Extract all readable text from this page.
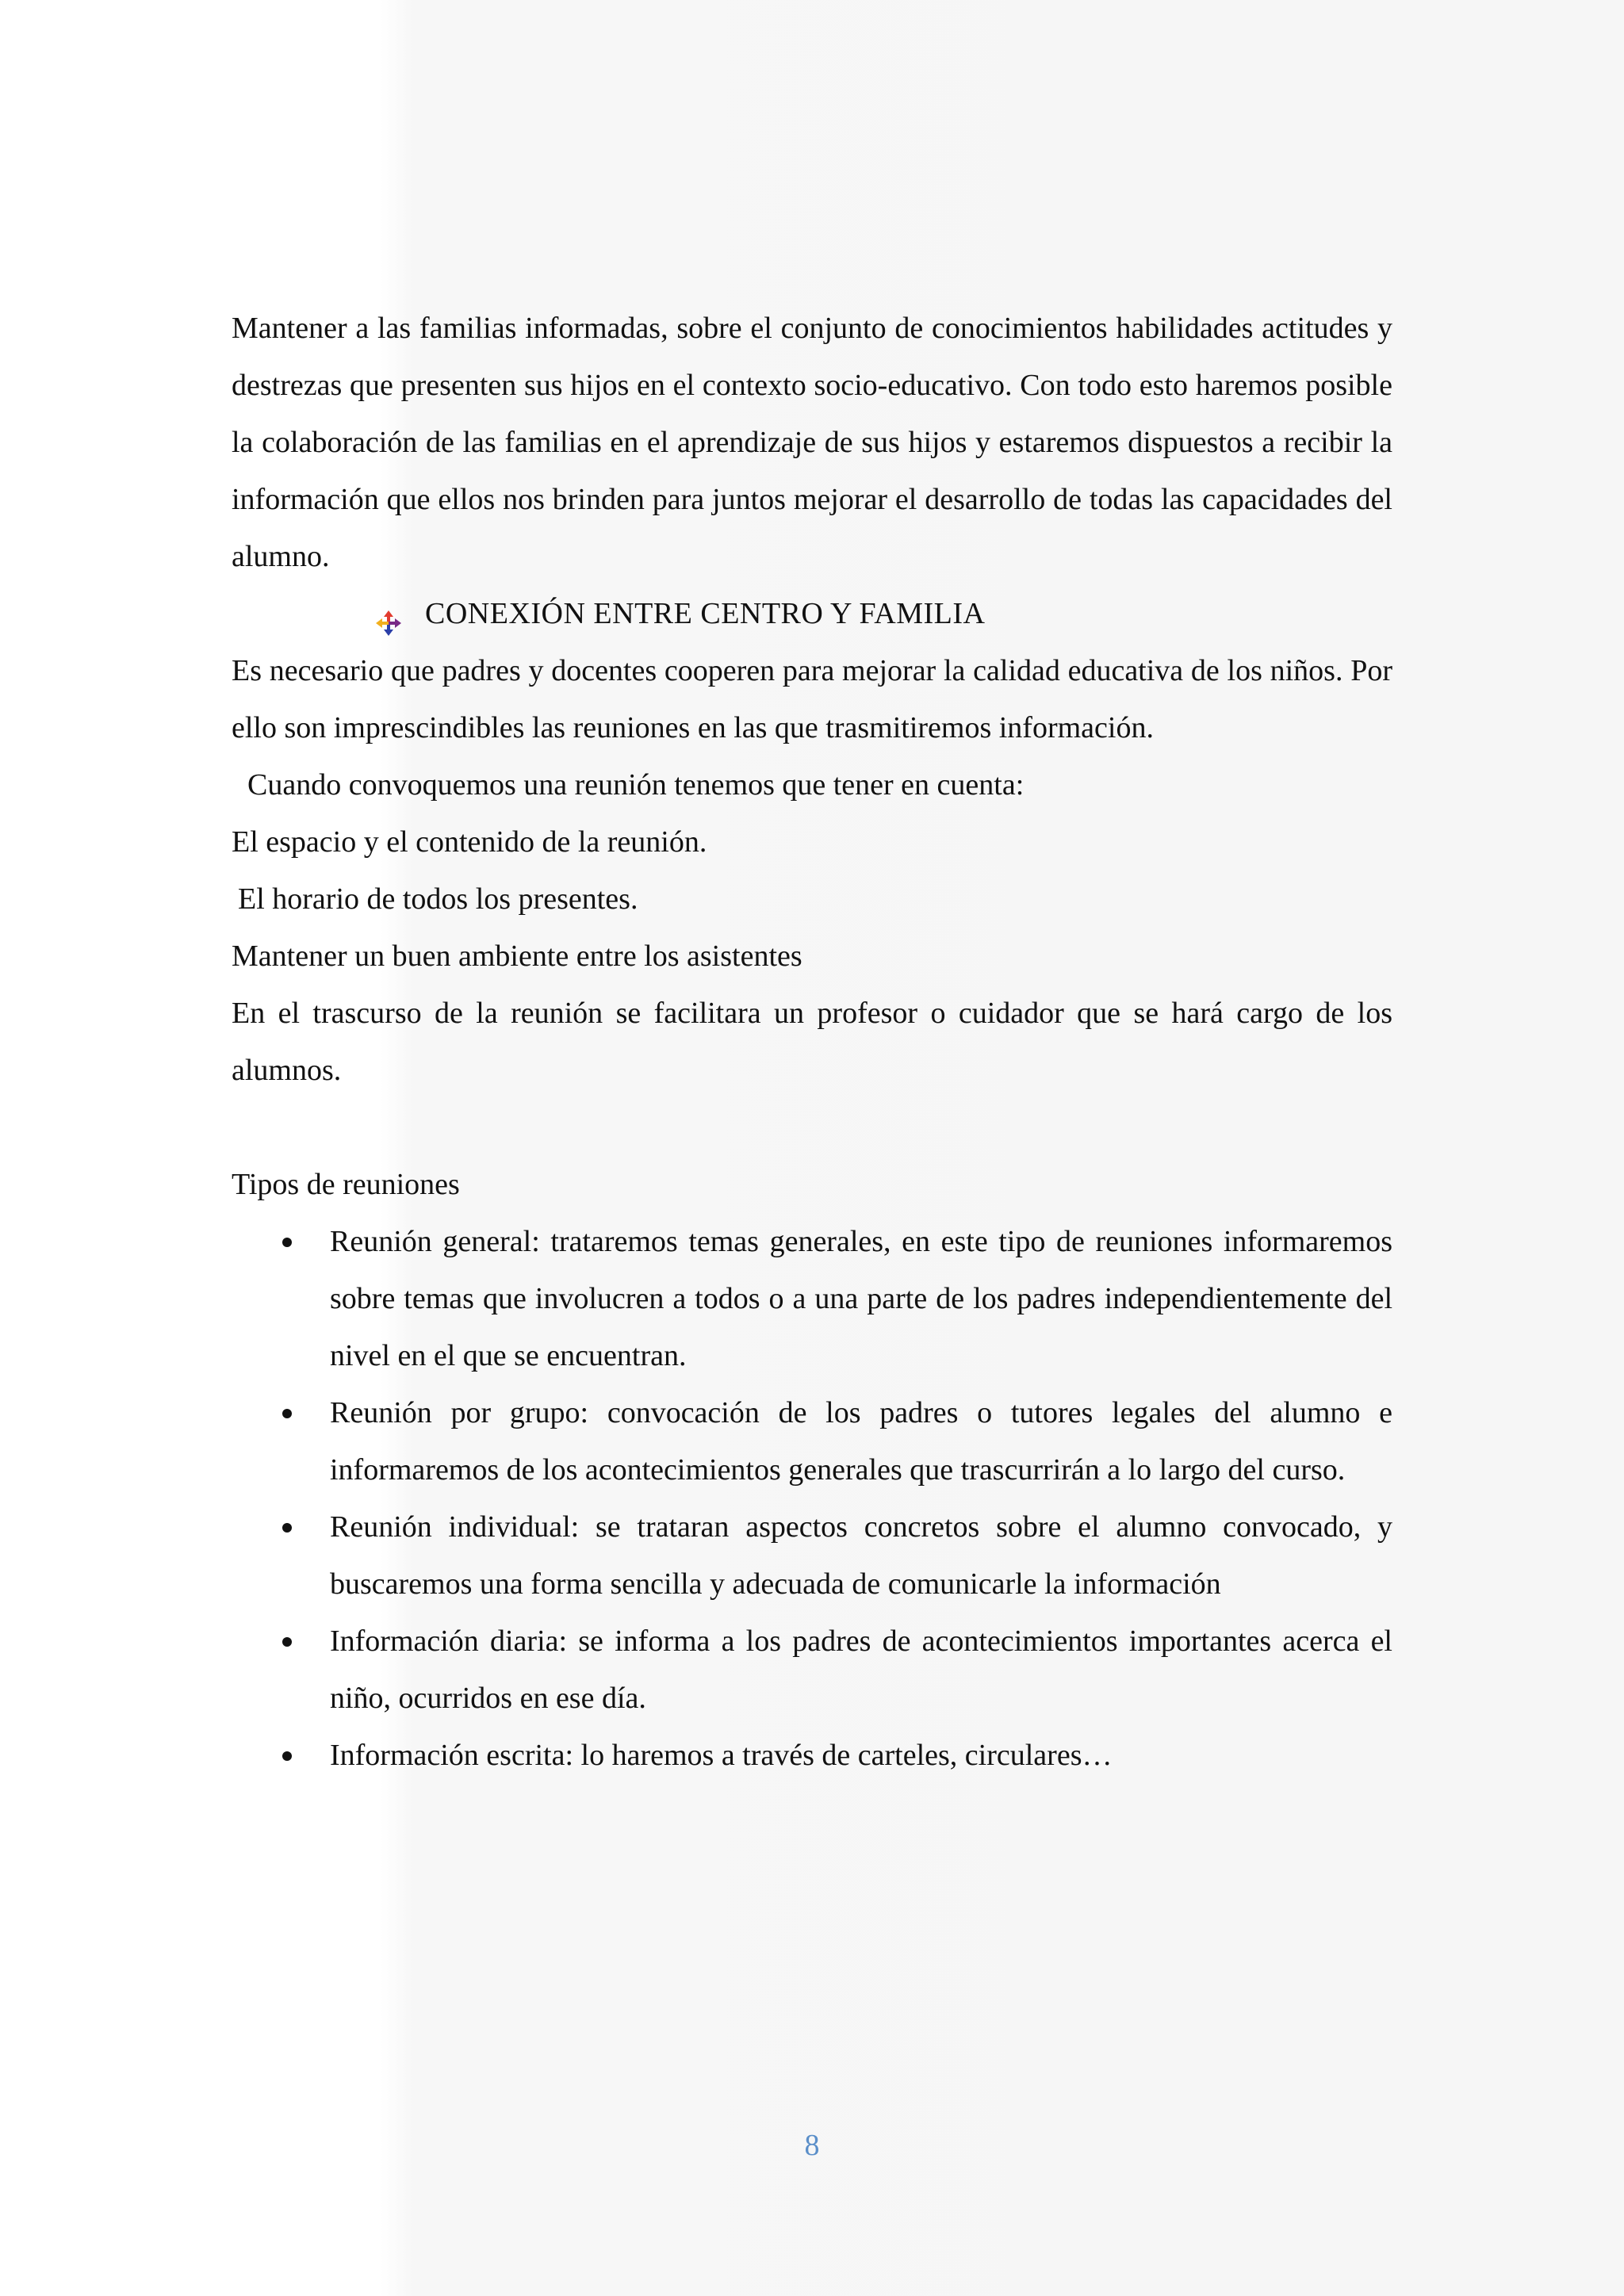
Mantener a las familias informadas, sobre el conjunto de conocimientos habilidades actitudes y destrezas que presenten sus hijos en el contexto socio-educativo. Con todo esto haremos posible la colaboración de las familias en el aprendizaje de sus hijos y estaremos dispuestos a recibir la información que ellos nos brinden para juntos mejorar el desarrollo de todas las capacidades del alumno.

CONEXIÓN ENTRE CENTRO Y FAMILIA

Es necesario que padres y docentes cooperen para mejorar la calidad educativa de los niños. Por ello son imprescindibles las reuniones en las que trasmitiremos información.

Cuando convoquemos una reunión tenemos que tener en cuenta:

El espacio y el contenido de la reunión.

El horario de todos los presentes.

Mantener un buen ambiente entre los asistentes

En el trascurso de la reunión se facilitara un profesor o cuidador que se hará cargo de los alumnos.

Tipos de reuniones

Reunión general: trataremos temas generales, en este tipo de reuniones informaremos sobre temas que involucren a todos o a una parte de los padres independientemente del nivel en el que se encuentran.
Reunión por grupo: convocación de los padres o tutores legales del alumno e informaremos de los acontecimientos generales que trascurrirán a lo largo del curso.
Reunión individual: se trataran aspectos concretos sobre el alumno convocado, y buscaremos una forma sencilla y adecuada de comunicarle la información
Información diaria: se informa a los padres de acontecimientos importantes acerca el niño, ocurridos en ese día.
Información escrita: lo haremos a través de carteles, circulares…
8
